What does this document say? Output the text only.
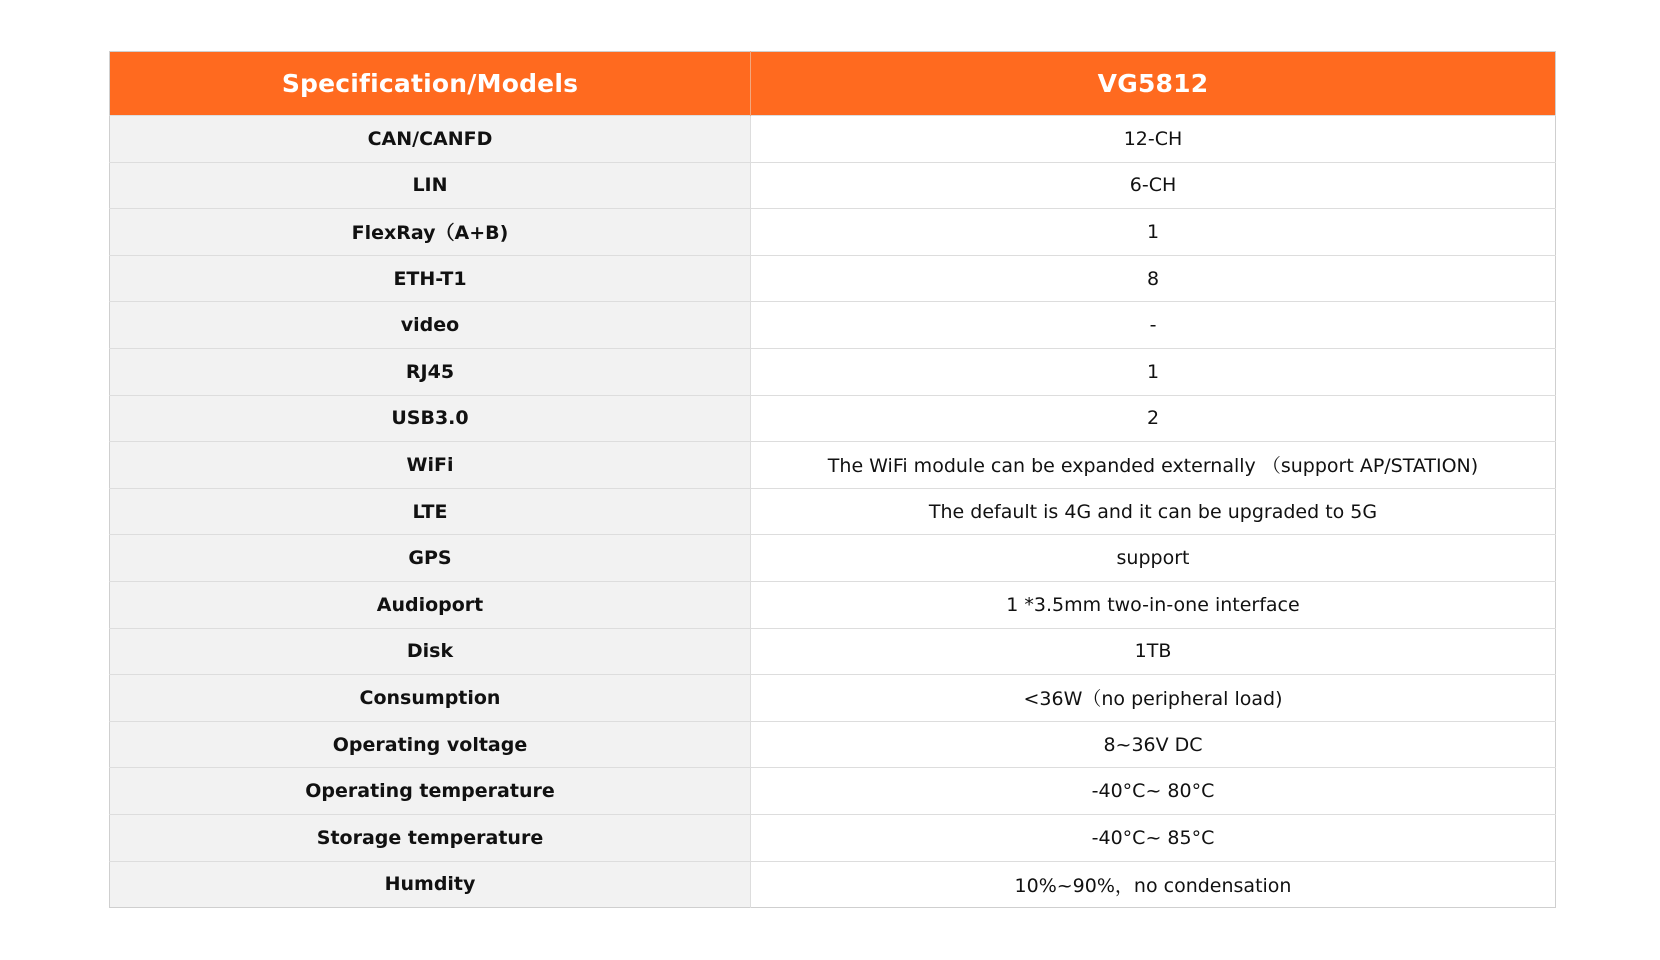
Specification/Models	VG5812
CAN/CANFD	12-CH
LIN	6-CH
FlexRay（A+B)	1
ETH-T1	8
video	-
RJ45	1
USB3.0	2
WiFi	The WiFi module can be expanded externally （support AP/STATION)
LTE	The default is 4G and it can be upgraded to 5G
GPS	support
Audioport	1 *3.5mm two-in-one interface
Disk	1TB
Consumption	<36W（no peripheral load)
Operating voltage	8~36V DC
Operating temperature	-40°C~ 80°C
Storage temperature	-40°C~ 85°C
Humdity	10%~90%，no condensation
